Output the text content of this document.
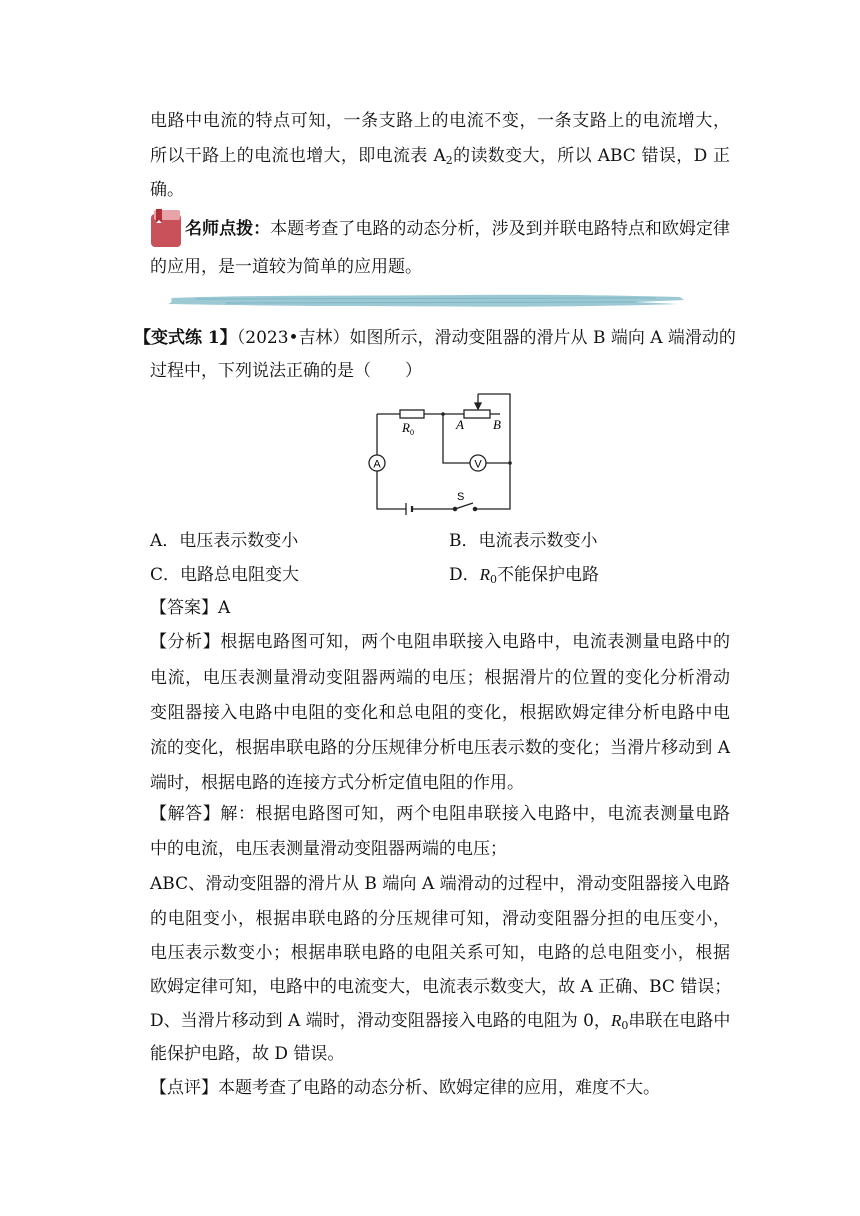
电路中电流的特点可知，一条支路上的电流不变，一条支路上的电流增大，
所以干路上的电流也增大，即电流表 $A_2$的读数变大，所以 ABC 错误，D 正
确。
名师点拨：本题考查了电路的动态分析，涉及到并联电路特点和欧姆定律
的应用，是一道较为简单的应用题。
【变式练 1】（2023•吉林）如图所示，滑动变阻器的滑片从 B 端向 A 端滑动的
过程中，下列说法正确的是（　　）
A	V
$R_0$
A B
S
A．电压表示数变小	B．电流表示数变小
C．电路总电阻变大	D．$R_0$不能保护电路
【答案】A
【分析】根据电路图可知，两个电阻串联接入电路中，电流表测量电路中的
电流，电压表测量滑动变阻器两端的电压；根据滑片的位置的变化分析滑动
变阻器接入电路中电阻的变化和总电阻的变化，根据欧姆定律分析电路中电
流的变化，根据串联电路的分压规律分析电压表示数的变化；当滑片移动到 A
端时，根据电路的连接方式分析定值电阻的作用。
【解答】解：根据电路图可知，两个电阻串联接入电路中，电流表测量电路
中的电流，电压表测量滑动变阻器两端的电压；
ABC、滑动变阻器的滑片从 B 端向 A 端滑动的过程中，滑动变阻器接入电路
的电阻变小，根据串联电路的分压规律可知，滑动变阻器分担的电压变小，
电压表示数变小；根据串联电路的电阻关系可知，电路的总电阻变小，根据
欧姆定律可知，电路中的电流变大，电流表示数变大，故 A 正确、BC 错误；
D、当滑片移动到 A 端时，滑动变阻器接入电路的电阻为 0，$R_0$串联在电路中
能保护电路，故 D 错误。
【点评】本题考查了电路的动态分析、欧姆定律的应用，难度不大。
